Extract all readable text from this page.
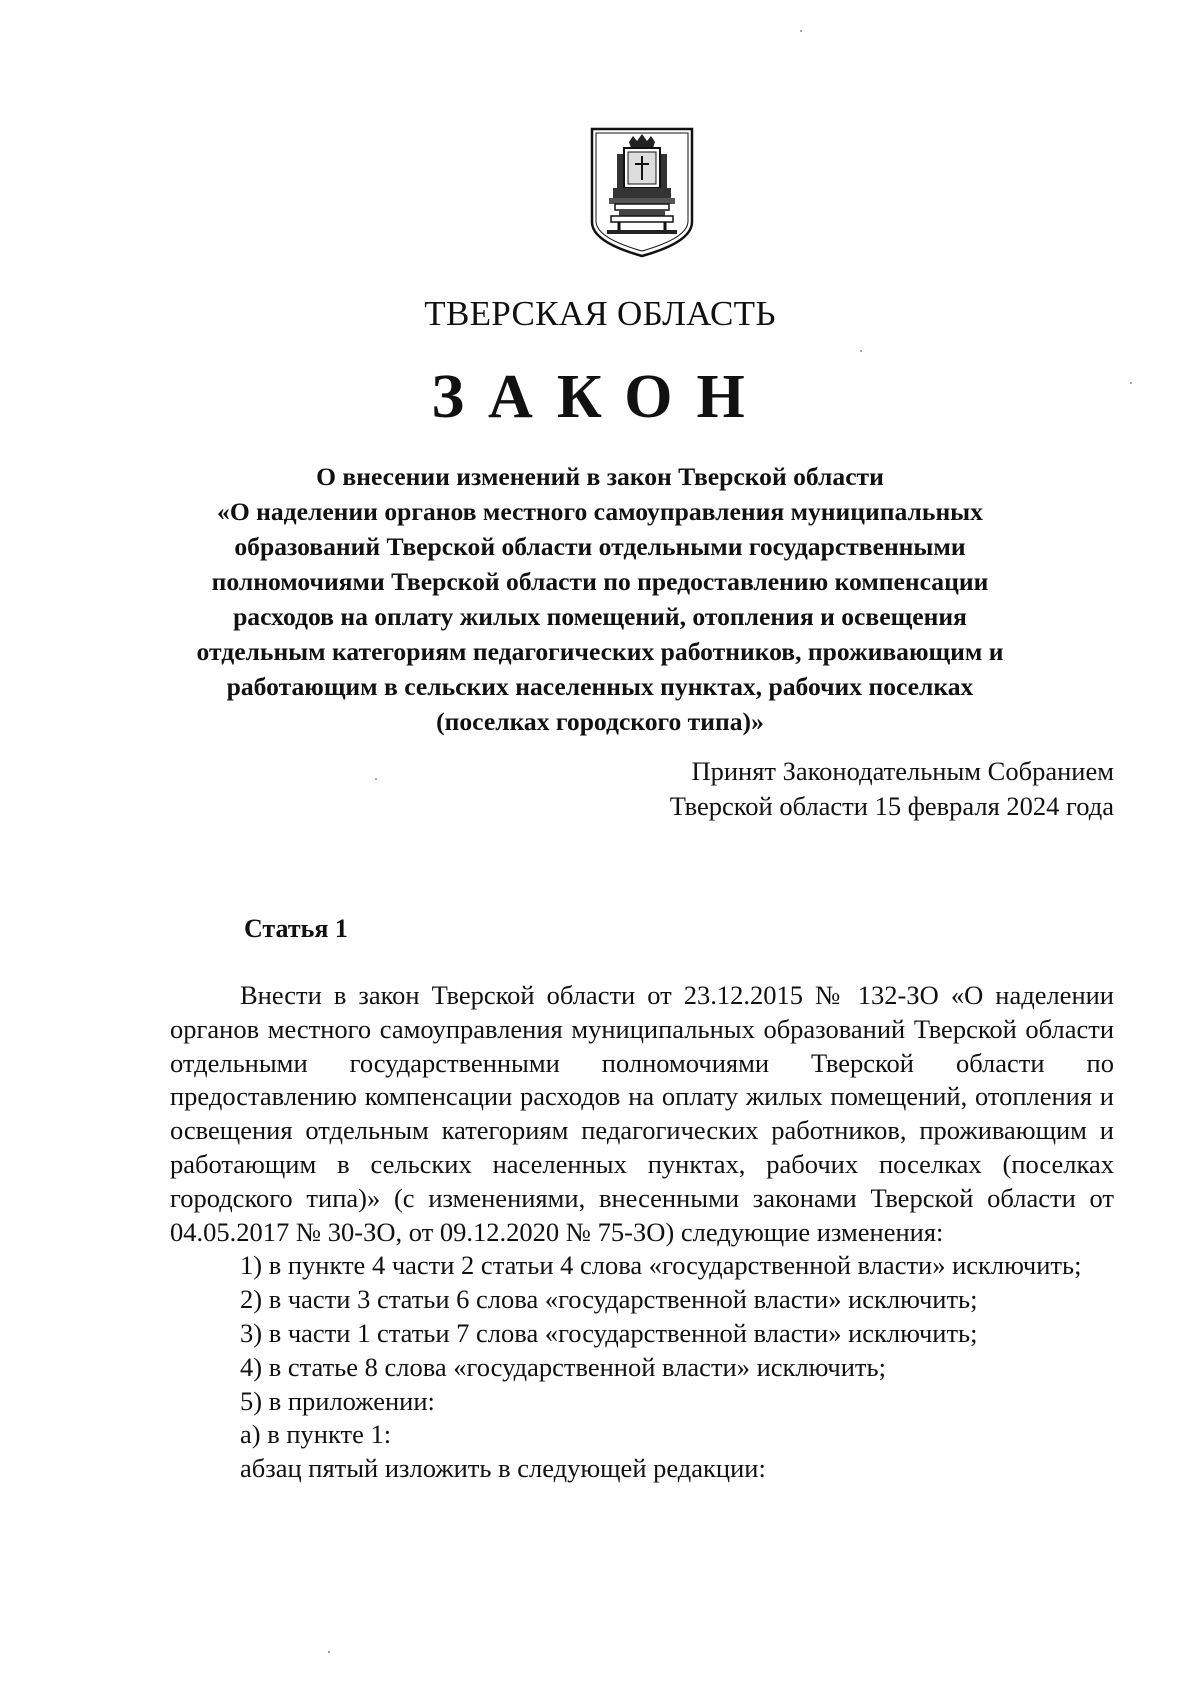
ТВЕРСКАЯ ОБЛАСТЬ
ЗАКОН
О внесении изменений в закон Тверской области
«О наделении органов местного самоуправления муниципальных
образований Тверской области отдельными государственными
полномочиями Тверской области по предоставлению компенсации
расходов на оплату жилых помещений, отопления и освещения
отдельным категориям педагогических работников, проживающим и
работающим в сельских населенных пунктах, рабочих поселках
(поселках городского типа)»
Принят Законодательным Собранием
Тверской области 15 февраля 2024 года
Статья 1

Внести в закон Тверской области от 23.12.2015 № 132-ЗО «О наделении органов местного самоуправления муниципальных образований Тверской области отдельными государственными полномочиями Тверской области по предоставлению компенсации расходов на оплату жилых помещений, отопления и освещения отдельным категориям педагогических работников, проживающим и работающим в сельских населенных пунктах, рабочих поселках (поселках городского типа)» (с изменениями, внесенными законами Тверской области от 04.05.2017 № 30-ЗО, от 09.12.2020 № 75-ЗО) следующие изменения:

1) в пункте 4 части 2 статьи 4 слова «государственной власти» исключить;

2) в части 3 статьи 6 слова «государственной власти» исключить;

3) в части 1 статьи 7 слова «государственной власти» исключить;

4) в статье 8 слова «государственной власти» исключить;

5) в приложении:

а) в пункте 1:

абзац пятый изложить в следующей редакции:
